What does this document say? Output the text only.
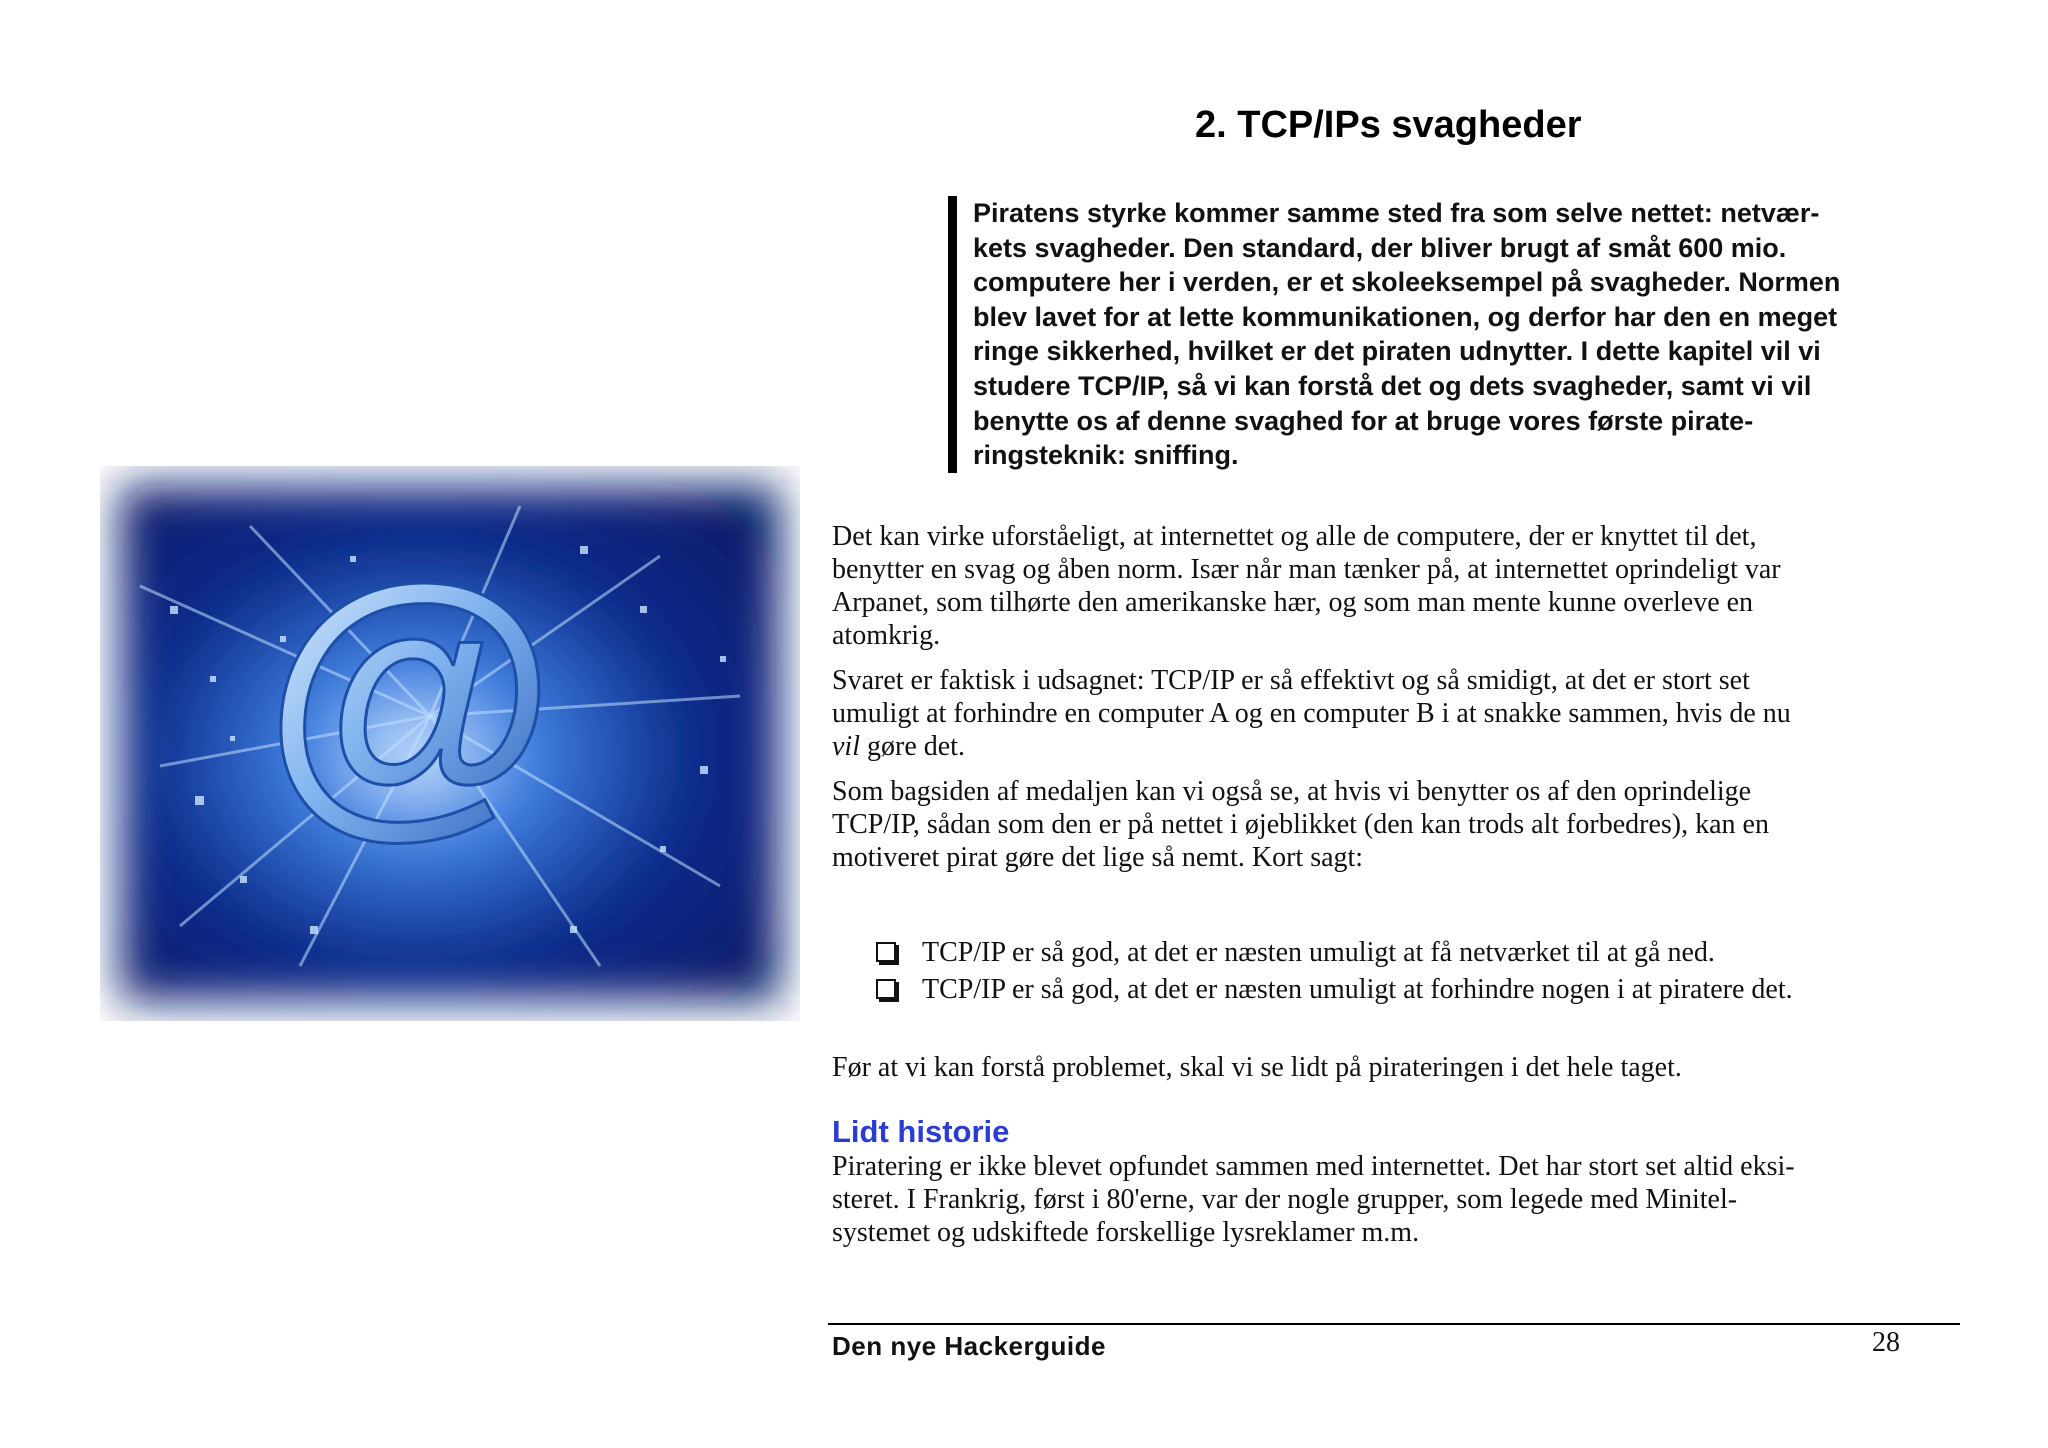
2. TCP/IPs svagheder
Piratens styrke kommer samme sted fra som selve nettet: netvær-
kets svagheder. Den standard, der bliver brugt af småt 600 mio.
computere her i verden, er et skoleeksempel på svagheder. Normen
blev lavet for at lette kommunikationen, og derfor har den en meget
ringe sikkerhed, hvilket er det piraten udnytter. I dette kapitel vil vi
studere TCP/IP, så vi kan forstå det og dets svagheder, samt vi vil
benytte os af denne svaghed for at bruge vores første pirate-
ringsteknik: sniffing.
@	Det kan virke uforståeligt, at internettet og alle de computere, der er knyttet til det,
benytter en svag og åben norm. Især når man tænker på, at internettet oprindeligt var
Arpanet, som tilhørte den amerikanske hær, og som man mente kunne overleve en
atomkrig.

Svaret er faktisk i udsagnet: TCP/IP er så effektivt og så smidigt, at det er stort set
umuligt at forhindre en computer A og en computer B i at snakke sammen, hvis de nu
vil gøre det.

Som bagsiden af medaljen kan vi også se, at hvis vi benytter os af den oprindelige
TCP/IP, sådan som den er på nettet i øjeblikket (den kan trods alt forbedres), kan en
motiveret pirat gøre det lige så nemt. Kort sagt:

TCP/IP er så god, at det er næsten umuligt at få netværket til at gå ned.
TCP/IP er så god, at det er næsten umuligt at forhindre nogen i at piratere det.
Før at vi kan forstå problemet, skal vi se lidt på pirateringen i det hele taget.
Lidt historie
Piratering er ikke blevet opfundet sammen med internettet. Det har stort set altid eksi-
steret. I Frankrig, først i 80'erne, var der nogle grupper, som legede med Minitel-
systemet og udskiftede forskellige lysreklamer m.m.
Den nye Hackerguide	28
